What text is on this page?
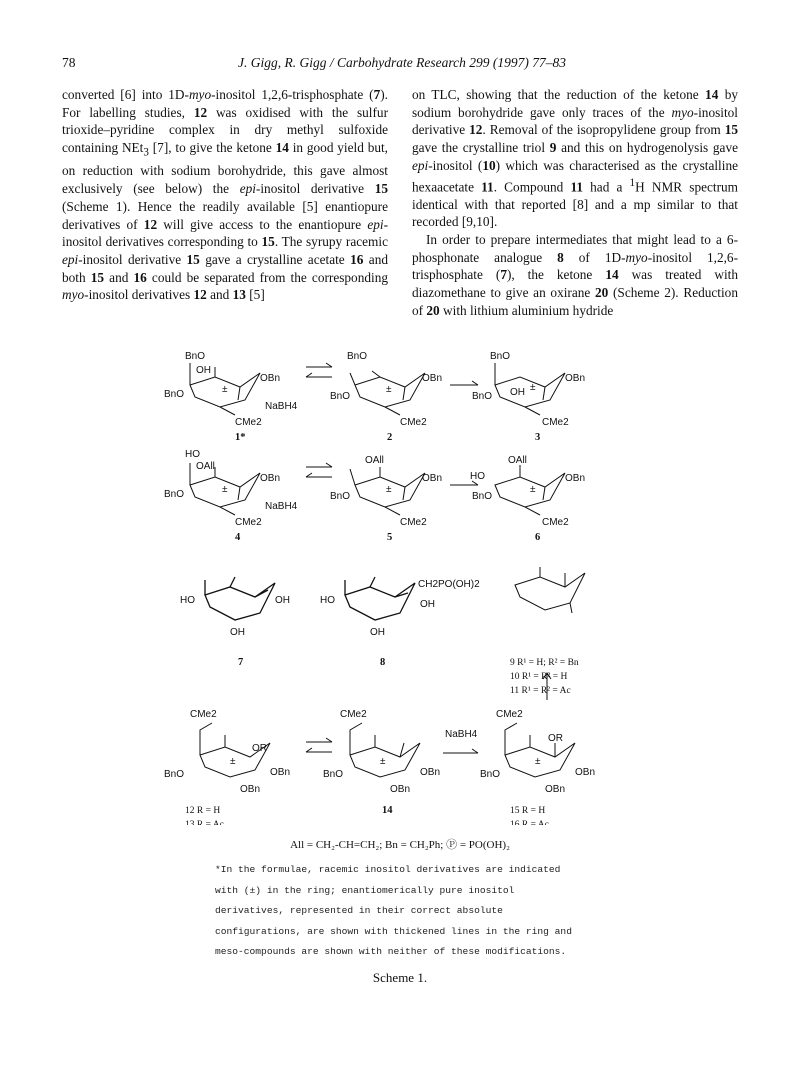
78	J. Gigg, R. Gigg / Carbohydrate Research 299 (1997) 77–83

converted [6] into 1D-myo-inositol 1,2,6-trisphosphate (7). For labelling studies, 12 was oxidised with the sulfur trioxide–pyridine complex in dry methyl sulfoxide containing NEt$_3$ [7], to give the ketone 14 in good yield but, on reduction with sodium borohydride, this gave almost exclusively (see below) the epi-inositol derivative 15 (Scheme 1). Hence the readily available [5] enantiopure derivatives of 12 will give access to the enantiopure epi-inositol derivatives corresponding to 15. The syrupy racemic epi-inositol derivative 15 gave a crystalline acetate 16 and both 15 and 16 could be separated from the corresponding myo-inositol derivatives 12 and 13 [5]

on TLC, showing that the reduction of the ketone 14 by sodium borohydride gave only traces of the myo-inositol derivative 12. Removal of the isopropylidene group from 15 gave the crystalline triol 9 and this on hydrogenolysis gave epi-inositol (10) which was characterised as the crystalline hexaacetate 11. Compound 11 had a $^1$H NMR spectrum identical with that reported [8] and a mp similar to that recorded [9,10].

In order to prepare intermediates that might lead to a 6-phosphonate analogue 8 of 1D-myo-inositol 1,2,6-trisphosphate (7), the ketone 14 was treated with diazomethane to give an oxirane 20 (Scheme 2). Reduction of 20 with lithium aluminium hydride

BnO
OH
OBn
BnO	±
NaBH4
CMe2
1*
BnO
OBn
BnO
±
CMe2
2
BnO
OBn
BnO OH ±
CMe2
3
HO
OAll
OBn
BnO	±
NaBH4
CMe2
4
OAll
OBn
BnO
±
CMe2
5
OAll
HO	OBn
BnO
±
CMe2
6
HO	OH
OH
7
CH2PO(OH)2
HO	OH
OH
8	9 R¹ = H; R² = Bn
10 R¹ = R² = H
11 R¹ = R² = Ac
CMe2
OR
BnO	OBn
OBn
±
12 R = H
13 R = Ac
CMe2
BnO	OBn
OBn
±
NaBH4
14
CMe2
OR
BnO	OBn
OBn
±
15 R = H
16 R = Ac
All = CH₂-CH=CH₂; Bn = CH₂Ph; Ⓟ = PO(OH)₂
*In the formulae, racemic inositol derivatives are indicated
with (±) in the ring; enantiomerically pure inositol
derivatives, represented in their correct absolute
configurations, are shown with thickened lines in the ring and
meso-compounds are shown with neither of these modifications.
Scheme 1.
